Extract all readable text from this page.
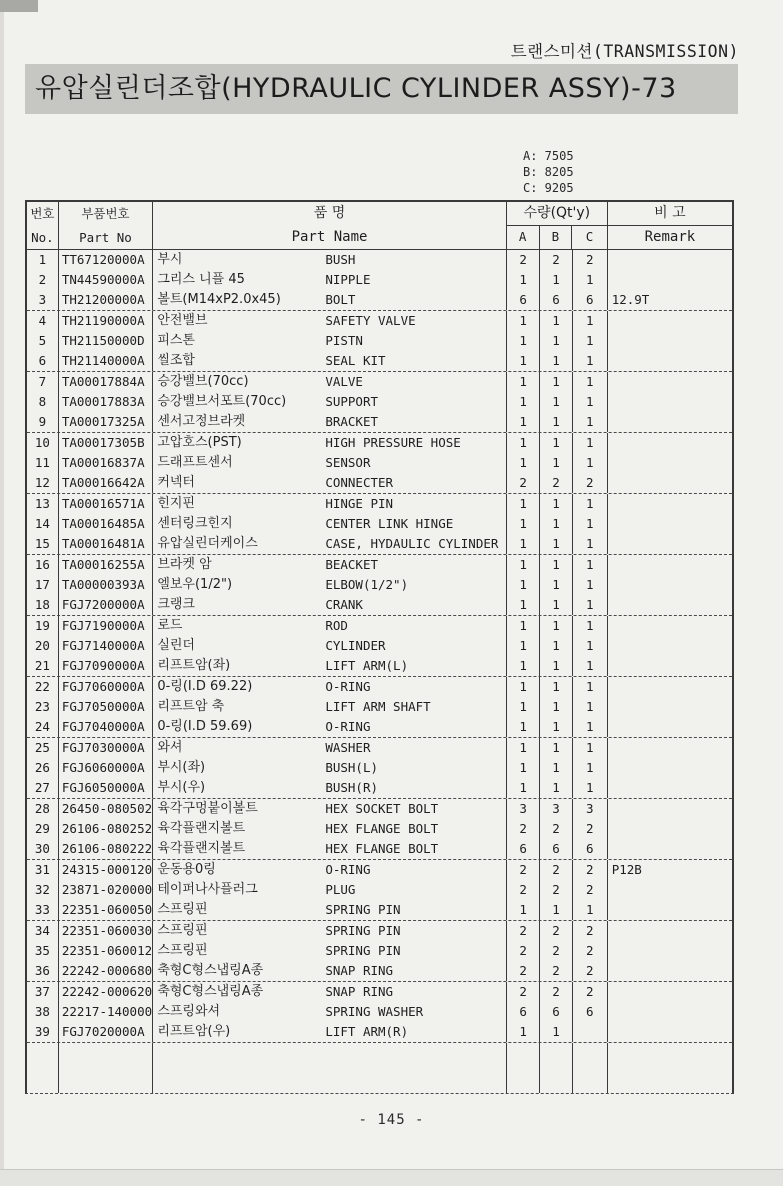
트랜스미션(TRANSMISSION)
유압실린더조합(HYDRAULIC CYLINDER ASSY)-73
A: 7505
B: 8205
C: 9205
번호
No.
부품번호
Part No
품 명
Part Name
수량(Qt'y)
A	B	C
비 고
Remark
1	TT67120000A 부시	BUSH	2	2	2
2	TN44590000A 그리스 니플 45	NIPPLE	1	1	1
3	TH21200000A 볼트(M14xP2.0x45)	BOLT	6	6	6	12.9T
4	TH21190000A 안전밸브	SAFETY VALVE	1	1	1
5	TH21150000D 피스톤	PISTN	1	1	1
6	TH21140000A 씰조합	SEAL KIT	1	1	1
7	TA00017884A 승강밸브(70cc)	VALVE	1	1	1
8	TA00017883A 승강밸브서포트(70cc)	SUPPORT	1	1	1
9	TA00017325A 센서고정브라켓	BRACKET	1	1	1
10 TA00017305B 고압호스(PST)	HIGH PRESSURE HOSE	1	1	1
11 TA00016837A 드래프트센서	SENSOR	1	1	1
12 TA00016642A 커넥터	CONNECTER	2	2	2
13 TA00016571A 힌지핀	HINGE PIN	1	1	1
14 TA00016485A 센터링크힌지	CENTER LINK HINGE	1	1	1
15 TA00016481A 유압실린더케이스	CASE, HYDAULIC CYLINDER	1	1	1
16 TA00016255A 브라켓 암	BEACKET	1	1	1
17 TA00000393A 엘보우(1/2")	ELBOW(1/2")	1	1	1
18 FGJ7200000A 크랭크	CRANK	1	1	1
19 FGJ7190000A 로드	ROD	1	1	1
20 FGJ7140000A 실린더	CYLINDER	1	1	1
21 FGJ7090000A 리프트암(좌)	LIFT ARM(L)	1	1	1
22 FGJ7060000A 0-링(I.D 69.22)	O-RING	1	1	1
23 FGJ7050000A 리프트암 축	LIFT ARM SHAFT	1	1	1
24 FGJ7040000A 0-링(I.D 59.69)	O-RING	1	1	1
25 FGJ7030000A 와셔	WASHER	1	1	1
26 FGJ6060000A 부시(좌)	BUSH(L)	1	1	1
27 FGJ6050000A 부시(우)	BUSH(R)	1	1	1
28 26450-080502 육각구멍붙이볼트	HEX SOCKET BOLT	3	3	3
29 26106-080252 육각플랜지볼트	HEX FLANGE BOLT	2	2	2
30 26106-080222 육각플랜지볼트	HEX FLANGE BOLT	6	6	6
31 24315-000120 운동용0링	O-RING	2	2	2	P12B
32 23871-020000 테이퍼나사플러그	PLUG	2	2	2
33 22351-060050 스프링핀	SPRING PIN	1	1	1
34 22351-060030 스프링핀	SPRING PIN	2	2	2
35 22351-060012 스프링핀	SPRING PIN	2	2	2
36 22242-000680 축형C형스냅링A종	SNAP RING	2	2	2
37 22242-000620 축형C형스냅링A종	SNAP RING	2	2	2
38 22217-140000 스프링와셔	SPRING WASHER	6	6	6
39 FGJ7020000A 리프트암(우)	LIFT ARM(R)	1	1
- 145 -
